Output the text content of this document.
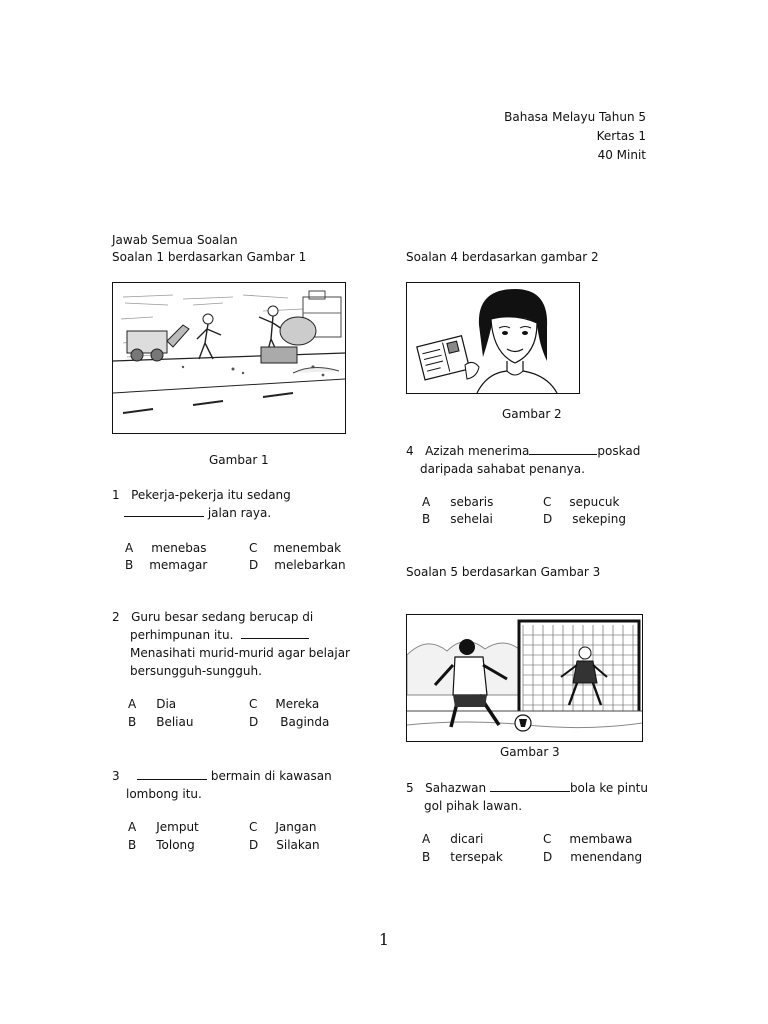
Bahasa Melayu Tahun 5
Kertas 1
40 Minit
Jawab Semua Soalan
Soalan 1 berdasarkan Gambar 1
Gambar 1
1 Pekerja-pekerja itu sedang
jalan raya.
A menebas
B memagar
C menembak
D melebarkan
2 Guru besar sedang berucap di
perhimpunan itu.
Menasihati murid-murid agar belajar
bersungguh-sungguh.
A Dia
B Beliau
C Mereka
D Baginda
3	bermain di kawasan
lombong itu.
A Jemput
B Tolong
C Jangan
D Silakan
Soalan 4 berdasarkan gambar 2
Gambar 2
4 Azizah menerima	poskad
daripada sahabat penanya.
A sebaris
B sehelai
C sepucuk
D sekeping
Soalan 5 berdasarkan Gambar 3
Gambar 3
5 Sahazwan	bola ke pintu
gol pihak lawan.
A dicari
B tersepak
C membawa
D menendang
1
